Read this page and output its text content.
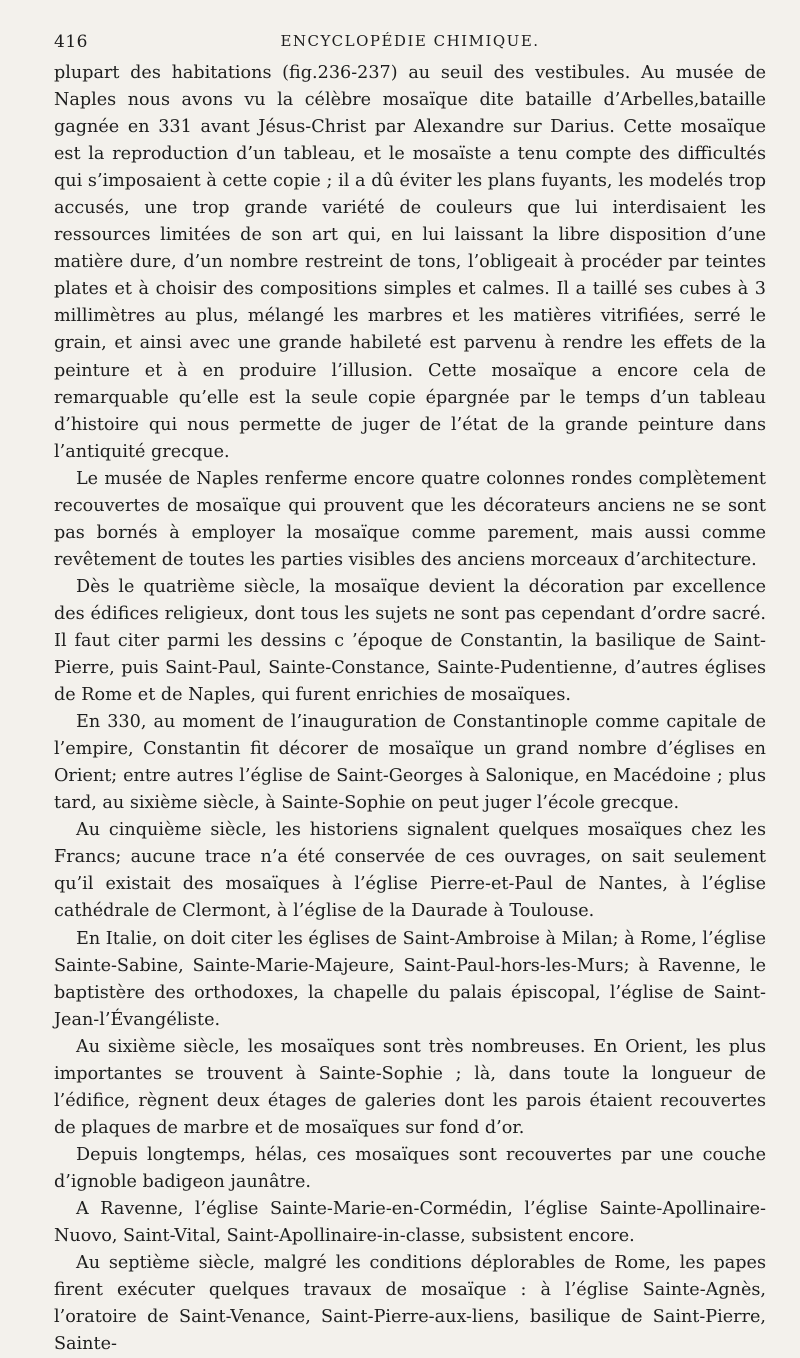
416	ENCYCLOPÉDIE CHIMIQUE.

plupart des habitations (fig.236-237) au seuil des vestibules. Au musée de Naples nous avons vu la célèbre mosaïque dite bataille d’Arbelles,bataille gagnée en 331 avant Jésus-Christ par Alexandre sur Darius. Cette mosaïque est la reproduction d’un tableau, et le mosaïste a tenu compte des difficultés qui s’imposaient à cette copie ; il a dû éviter les plans fuyants, les modelés trop accusés, une trop grande variété de couleurs que lui interdisaient les ressources limitées de son art qui, en lui laissant la libre disposition d’une matière dure, d’un nombre restreint de tons, l’obligeait à procéder par teintes plates et à choisir des compositions simples et calmes. Il a taillé ses cubes à 3 millimètres au plus, mélangé les marbres et les matières vitrifiées, serré le grain, et ainsi avec une grande habileté est parvenu à rendre les effets de la peinture et à en produire l’illusion. Cette mosaïque a encore cela de remarquable qu’elle est la seule copie épargnée par le temps d’un tableau d’histoire qui nous permette de juger de l’état de la grande peinture dans l’antiquité grecque.

Le musée de Naples renferme encore quatre colonnes rondes complètement recouvertes de mosaïque qui prouvent que les décorateurs anciens ne se sont pas bornés à employer la mosaïque comme parement, mais aussi comme revêtement de toutes les parties visibles des anciens morceaux d’architecture.

Dès le quatrième siècle, la mosaïque devient la décoration par excellence des édifices religieux, dont tous les sujets ne sont pas cependant d’ordre sacré. Il faut citer parmi les dessins c ’époque de Constantin, la basilique de Saint-Pierre, puis Saint-Paul, Sainte-Constance, Sainte-Pudentienne, d’autres églises de Rome et de Naples, qui furent enrichies de mosaïques.

En 330, au moment de l’inauguration de Constantinople comme capitale de l’empire, Constantin fit décorer de mosaïque un grand nombre d’églises en Orient; entre autres l’église de Saint-Georges à Salonique, en Macédoine ; plus tard, au sixième siècle, à Sainte-Sophie on peut juger l’école grecque.

Au cinquième siècle, les historiens signalent quelques mosaïques chez les Francs; aucune trace n’a été conservée de ces ouvrages, on sait seulement qu’il existait des mosaïques à l’église Pierre-et-Paul de Nantes, à l’église cathédrale de Clermont, à l’église de la Daurade à Toulouse.

En Italie, on doit citer les églises de Saint-Ambroise à Milan; à Rome, l’église Sainte-Sabine, Sainte-Marie-Majeure, Saint-Paul-hors-les-Murs; à Ravenne, le baptistère des orthodoxes, la chapelle du palais épiscopal, l’église de Saint-Jean-l’Évangéliste.

Au sixième siècle, les mosaïques sont très nombreuses. En Orient, les plus importantes se trouvent à Sainte-Sophie ; là, dans toute la longueur de l’édifice, règnent deux étages de galeries dont les parois étaient recouvertes de plaques de marbre et de mosaïques sur fond d’or.

Depuis longtemps, hélas, ces mosaïques sont recouvertes par une couche d’ignoble badigeon jaunâtre.

A Ravenne, l’église Sainte-Marie-en-Cormédin, l’église Sainte-Apollinaire-Nuovo, Saint-Vital, Saint-Apollinaire-in-classe, subsistent encore.

Au septième siècle, malgré les conditions déplorables de Rome, les papes firent exécuter quelques travaux de mosaïque : à l’église Sainte-Agnès, l’oratoire de Saint-Venance, Saint-Pierre-aux-liens, basilique de Saint-Pierre, Sainte-
